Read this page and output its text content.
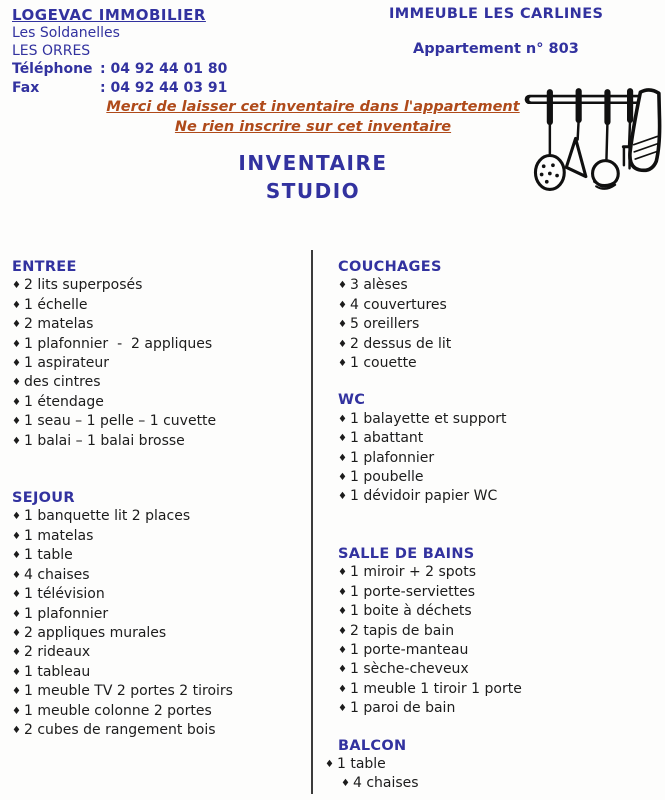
LOGEVAC IMMOBILIER
Les Soldanelles
LES ORRES
Téléphone : 04 92 44 01 80
Fax	: 04 92 44 03 91
IMMEUBLE LES CARLINES
Appartement n° 803
Merci de laisser cet inventaire dans l'appartement
Ne rien inscrire sur cet inventaire
INVENTAIRE
STUDIO
ENTREE
♦ 2 lits superposés
♦ 1 échelle
♦ 2 matelas
♦ 1 plafonnier  -  2 appliques
♦ 1 aspirateur
♦ des cintres
♦ 1 étendage
♦ 1 seau – 1 pelle – 1 cuvette
♦ 1 balai – 1 balai brosse
SEJOUR
♦ 1 banquette lit 2 places
♦ 1 matelas
♦ 1 table
♦ 4 chaises
♦ 1 télévision
♦ 1 plafonnier
♦ 2 appliques murales
♦ 2 rideaux
♦ 1 tableau
♦ 1 meuble TV 2 portes 2 tiroirs
♦ 1 meuble colonne 2 portes
♦ 2 cubes de rangement bois
COUCHAGES
♦ 3 alèses
♦ 4 couvertures
♦ 5 oreillers
♦ 2 dessus de lit
♦ 1 couette
WC
♦ 1 balayette et support
♦ 1 abattant
♦ 1 plafonnier
♦ 1 poubelle
♦ 1 dévidoir papier WC
SALLE DE BAINS
♦ 1 miroir + 2 spots
♦ 1 porte-serviettes
♦ 1 boite à déchets
♦ 2 tapis de bain
♦ 1 porte-manteau
♦ 1 sèche-cheveux
♦ 1 meuble 1 tiroir 1 porte
♦ 1 paroi de bain
BALCON
♦ 1 table
♦ 4 chaises
